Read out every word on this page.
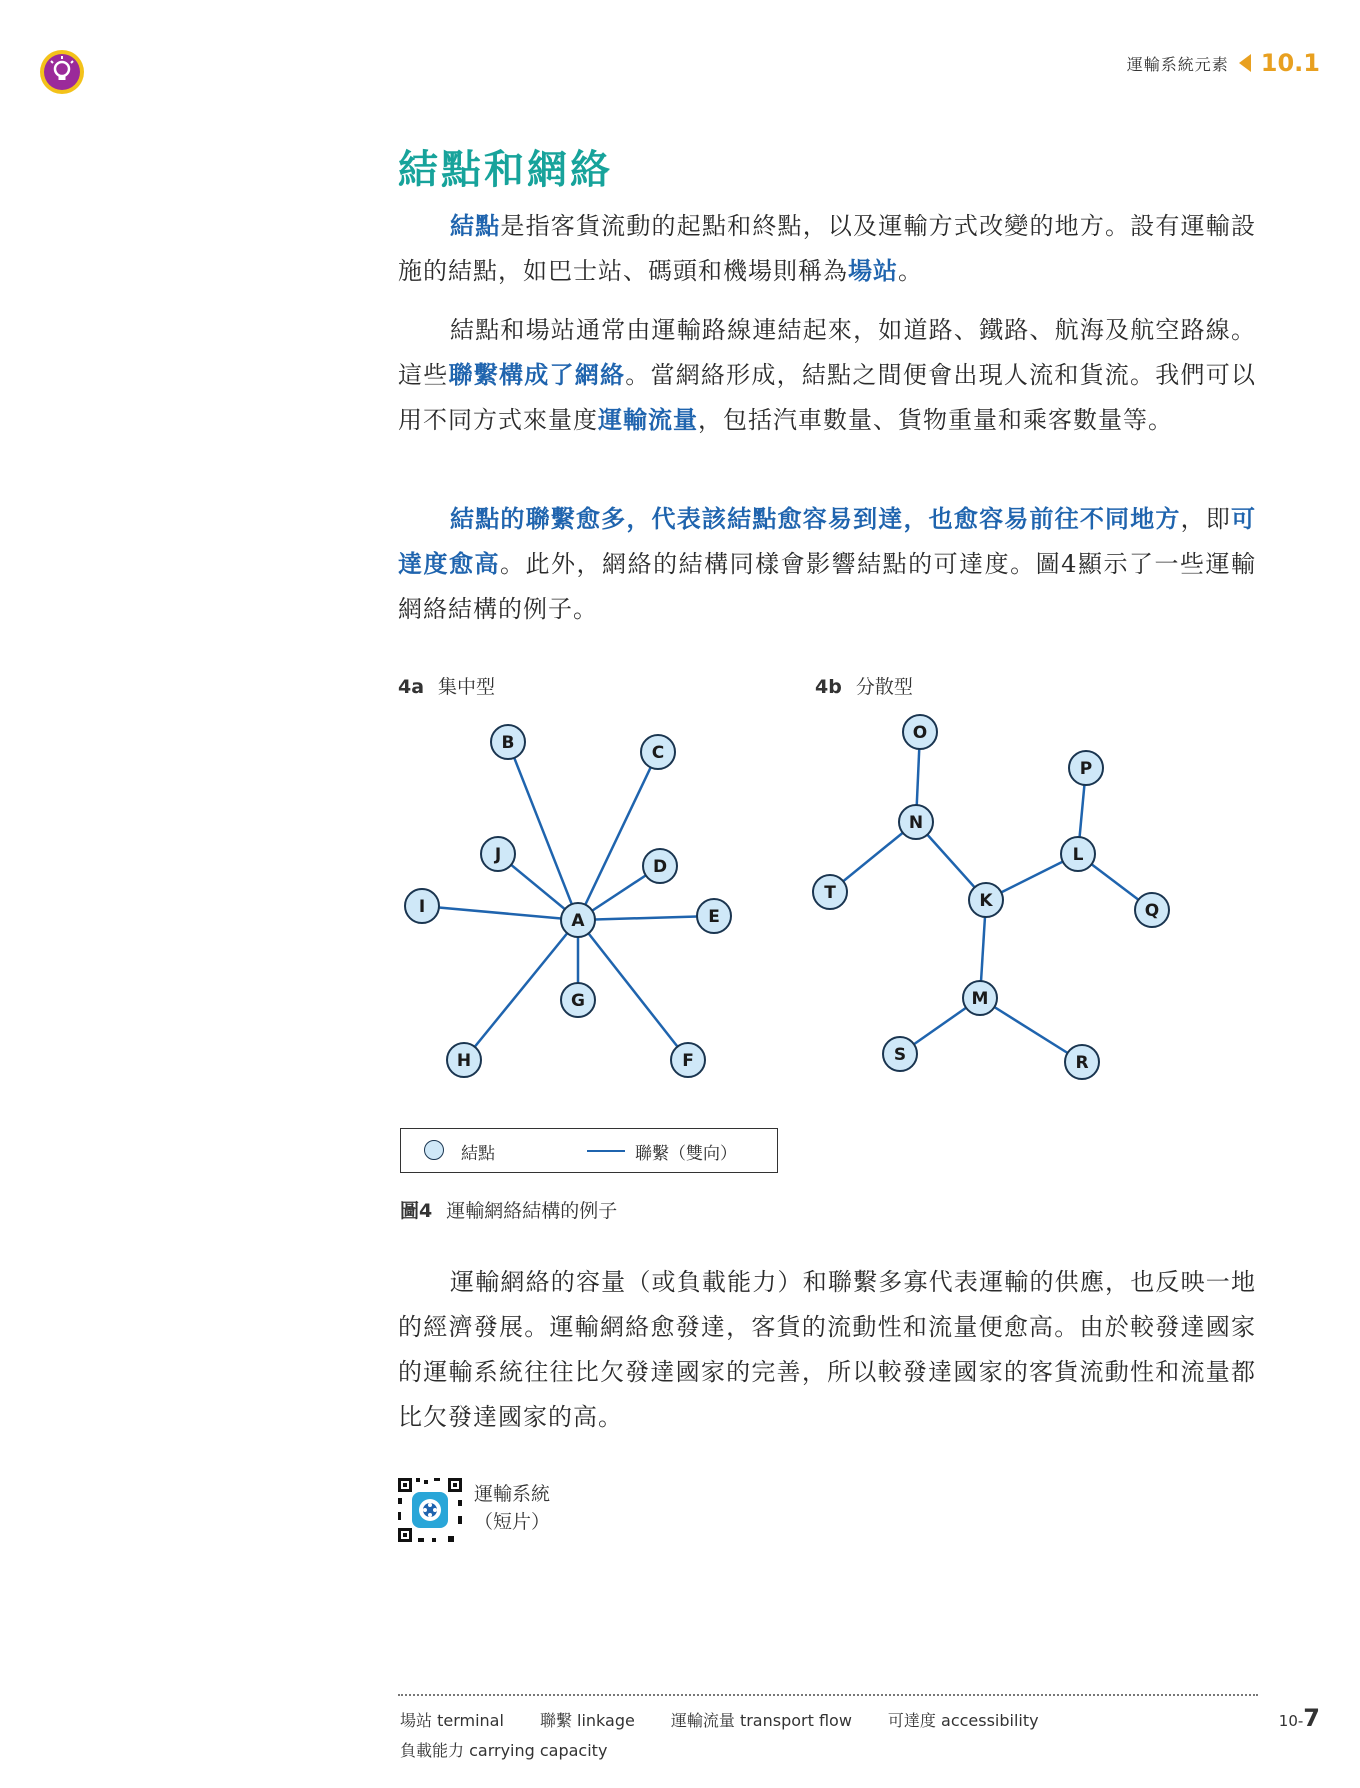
運輸系統元素 10.1
結點和網絡

結點是指客貨流動的起點和終點，以及運輸方式改變的地方。設有運輸設施的結點，如巴士站、碼頭和機場則稱為場站。

結點和場站通常由運輸路線連結起來，如道路、鐵路、航海及航空路線。這些聯繫構成了網絡。當網絡形成，結點之間便會出現人流和貨流。我們可以用不同方式來量度運輸流量，包括汽車數量、貨物重量和乘客數量等。

結點的聯繫愈多，代表該結點愈容易到達，也愈容易前往不同地方，即可達度愈高。此外，網絡的結構同樣會影響結點的可達度。圖4顯示了一些運輸網絡結構的例子。

4a 集中型	4b 分散型
A
B	C
D
E
F
G
H
I
J
K
L
M
N
O
P
Q
R
S
T
結點	聯繫（雙向）
圖4 運輸網絡結構的例子

運輸網絡的容量（或負載能力）和聯繫多寡代表運輸的供應，也反映一地的經濟發展。運輸網絡愈發達，客貨的流動性和流量便愈高。由於較發達國家的運輸系統往往比欠發達國家的完善，所以較發達國家的客貨流動性和流量都比欠發達國家的高。

運輸系統
（短片）
場站 terminal 聯繫 linkage 運輸流量 transport flow 可達度 accessibility
負載能力 carrying capacity
10-7
